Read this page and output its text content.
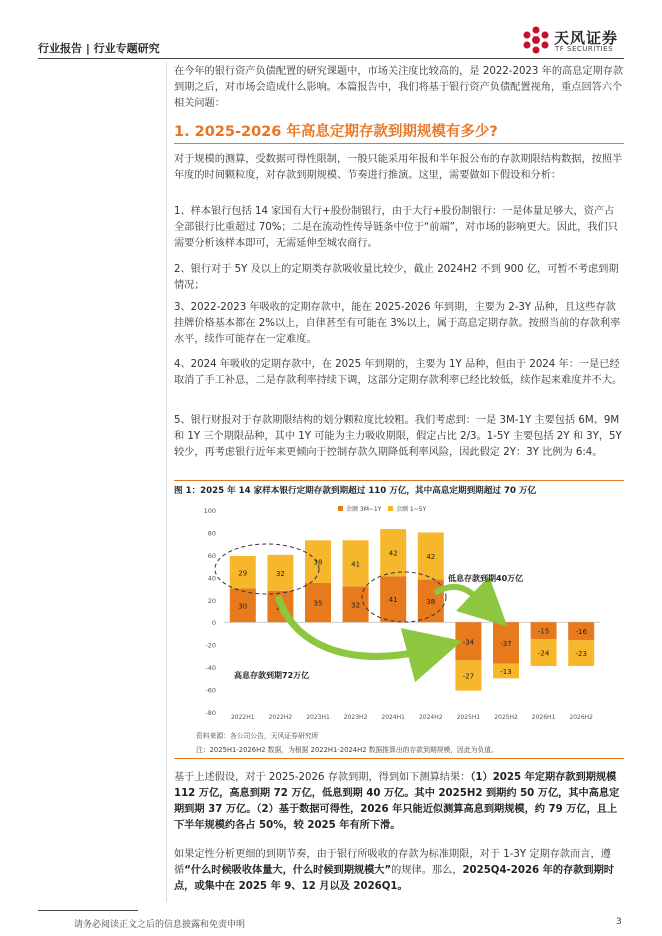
行业报告 | 行业专题研究
天风证券
TF SECURITIES

在今年的银行资产负债配置的研究课题中，市场关注度比较高的，是 2022-2023 年的高息定期存款到期之后，对市场会造成什么影响。本篇报告中，我们将基于银行资产负债配置视角，重点回答六个相关问题：

1. 2025-2026 年高息定期存款到期规模有多少?

对于规模的测算，受数据可得性限制，一般只能采用年报和半年报公布的存款期限结构数据，按照半年度的时间颗粒度，对存款到期规模、节奏进行推演。这里，需要做如下假设和分析：

1、样本银行包括 14 家国有大行+股份制银行，由于大行+股份制银行：一是体量足够大，资产占全部银行比重超过 70%；二是在流动性传导链条中位于“前端”，对市场的影响更大。因此，我们只需要分析该样本即可，无需延伸至城农商行。

2、银行对于 5Y 及以上的定期类存款吸收量比较少，截止 2024H2 不到 900 亿，可暂不考虑到期情况；

3、2022-2023 年吸收的定期存款中，能在 2025-2026 年到期，主要为 2-3Y 品种，且这些存款挂牌价格基本都在 2%以上，自律甚至有可能在 3%以上，属于高息定期存款。按照当前的存款利率水平，续作可能存在一定难度。

4、2024 年吸收的定期存款中，在 2025 年到期的，主要为 1Y 品种，但由于 2024 年：一是已经取消了手工补息，二是存款利率持续下调，这部分定期存款利率已经比较低，续作起来难度并不大。

5、银行财报对于存款期限结构的划分颗粒度比较粗。我们考虑到：一是 3M-1Y 主要包括 6M、9M 和 1Y 三个期限品种，其中 1Y 可能为主力吸收期限，假定占比 2/3。1-5Y 主要包括 2Y 和 3Y，5Y 较少，再考虑银行近年来更倾向于控制存款久期降低利率风险，因此假定 2Y：3Y 比例为 6:4。

图 1：2025 年 14 家样本银行定期存款到期超过 110 万亿，其中高息定期到期超过 70 万亿
100
80
60
40
20
0
-20
-40
-60
-80
30
29
28
32
35
38
32
41
41
42
38
42
-34
-27
-37
-13
-15
-24
-16
-23
2022H1 2022H2 2023H1 2023H2 2024H1 2024H2 2025H1 2025H2 2026H1 2026H2
余额 3M~1Y 余额 1~5Y
低息存款到期40万亿
高息存款到期72万亿
资料来源：各公司公告，天风证券研究所
注：2025H1-2026H2 数据，为根据 2022H1-2024H2 数据推算出的存款到期规模，因此为负值。

基于上述假设，对于 2025-2026 存款到期，得到如下测算结果：（1）2025 年定期存款到期规模 112 万亿，高息到期 72 万亿，低息到期 40 万亿。其中 2025H2 到期约 50 万亿，其中高息定期到期 37 万亿。（2）基于数据可得性，2026 年只能近似测算高息到期规模，约 79 万亿，且上下半年规模约各占 50%，较 2025 年有所下滑。

如果定性分析更细的到期节奏，由于银行所吸收的存款为标准期限，对于 1-3Y 定期存款而言，遵循“什么时候吸收体量大，什么时候到期规模大”的规律。那么，2025Q4-2026 年的存款到期时点，或集中在 2025 年 9、12 月以及 2026Q1。

请务必阅读正文之后的信息披露和免责申明	3
